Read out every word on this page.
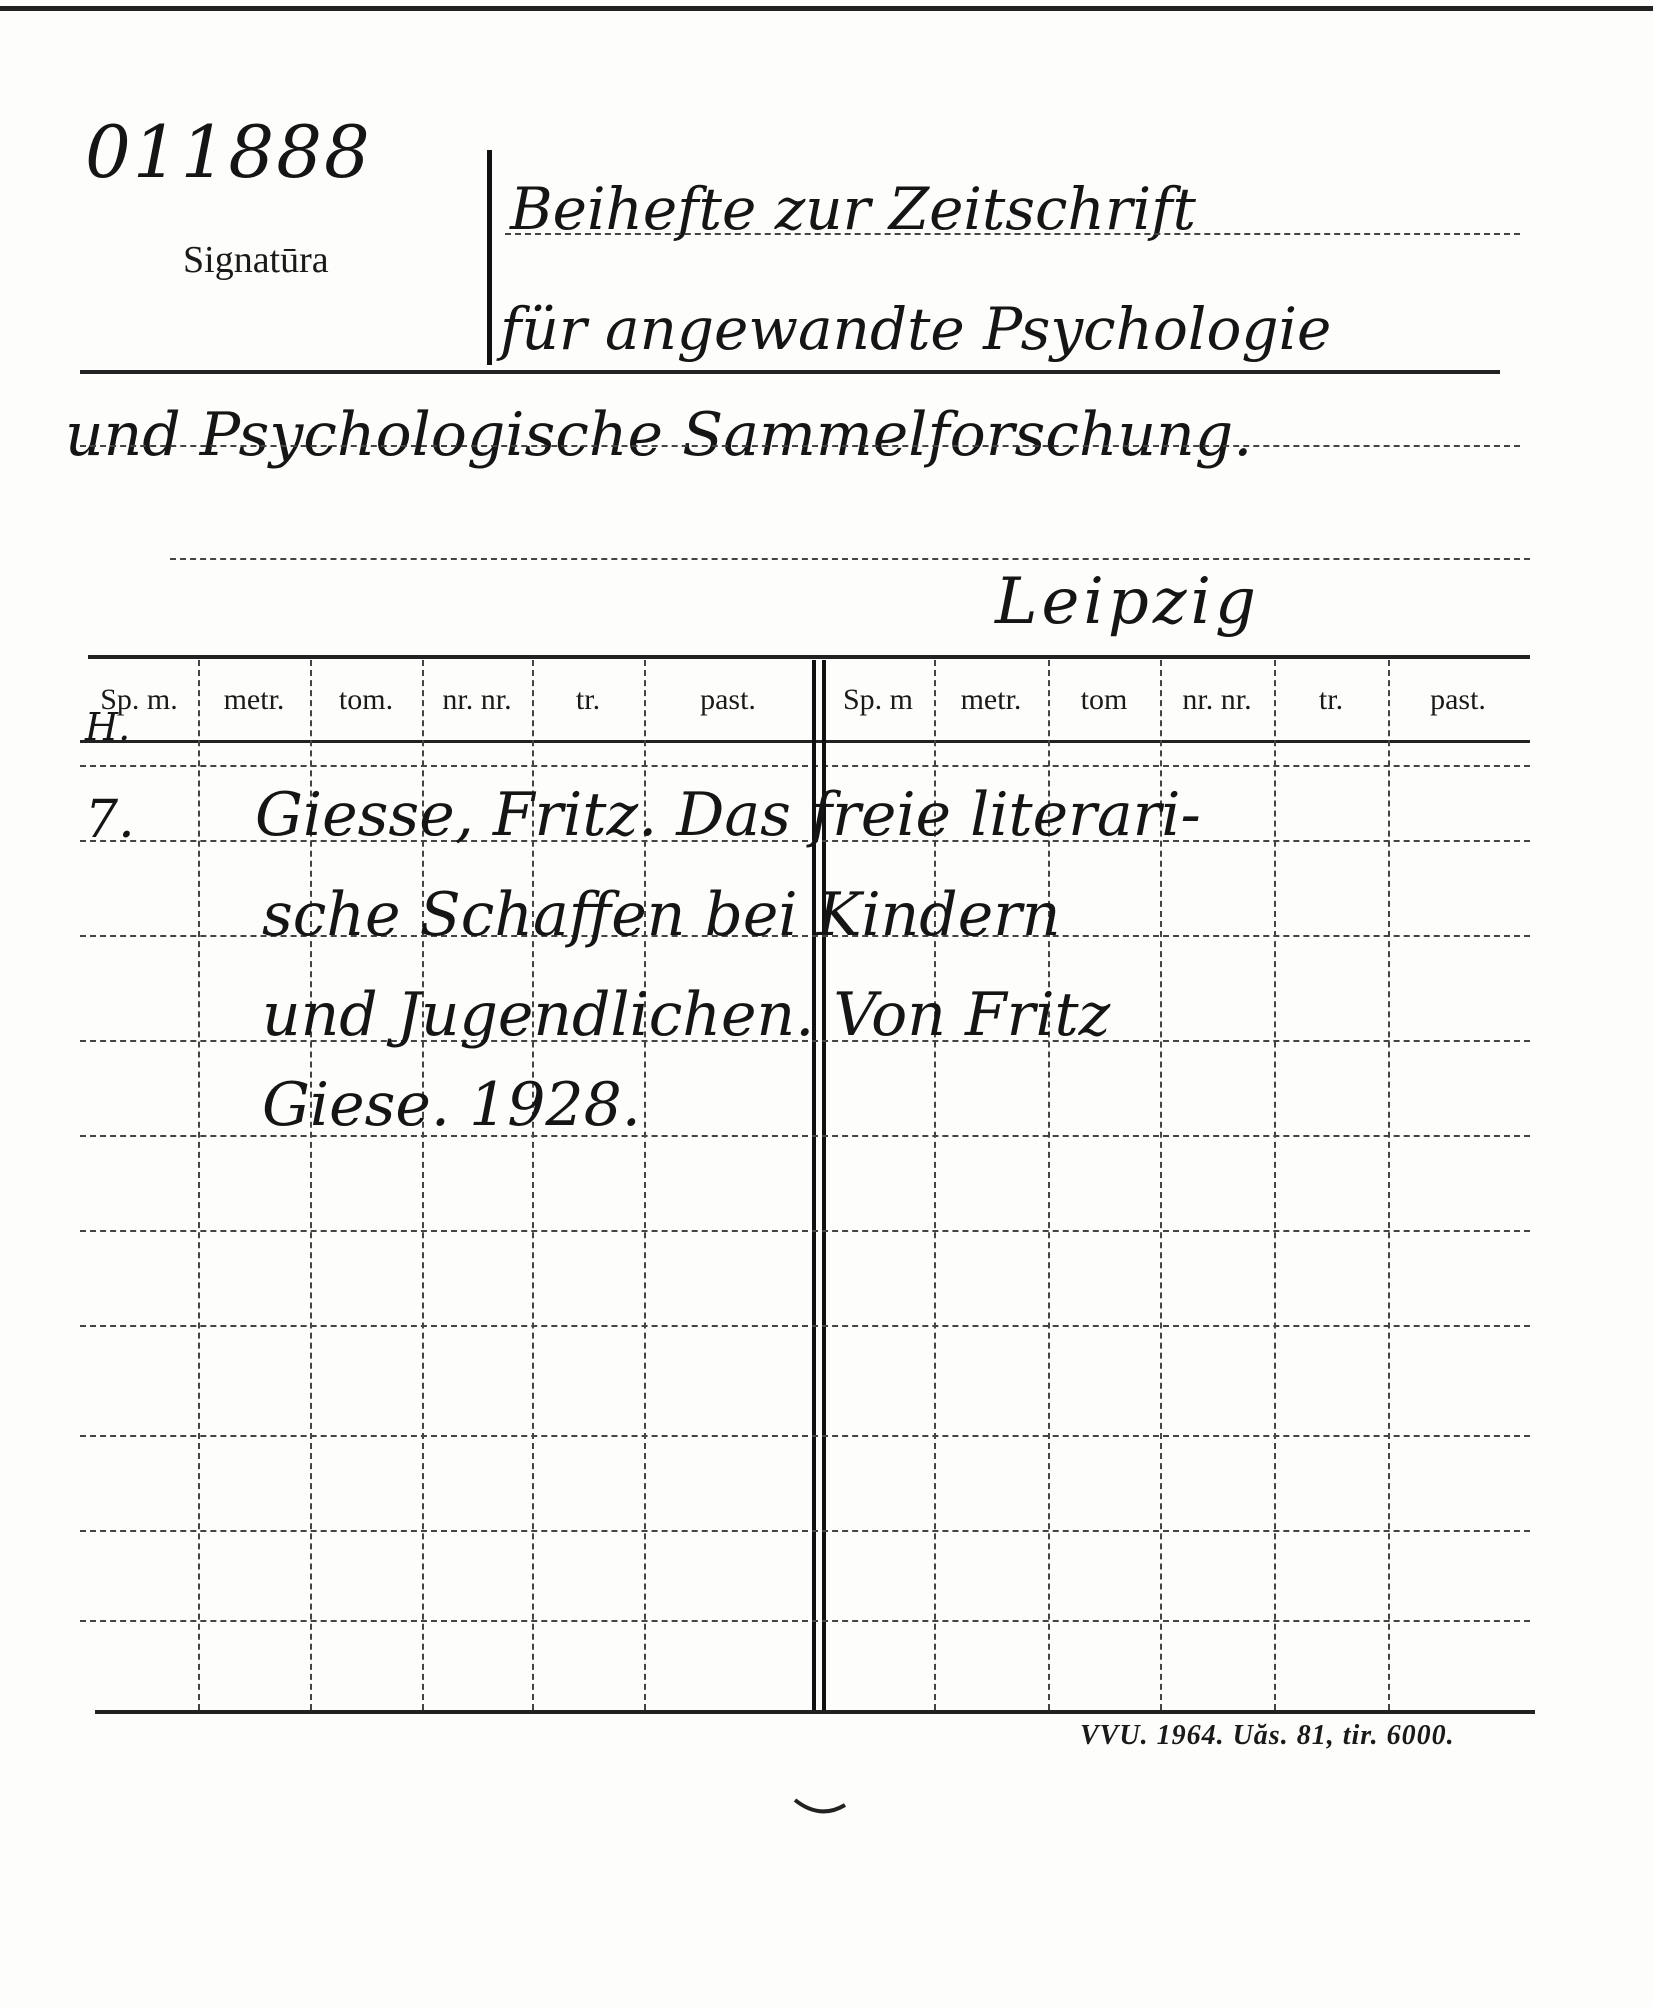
011888
Signatūra
Beihefte zur Zeitschrift
für angewandte Psychologie
und Psychologische Sammelforschung.
Leipzig
Sp. m.	metr.	tom.	nr. nr.	tr.	past.	Sp. m	metr.	tom	nr. nr.	tr.	past.
H.
7. Giesse, Fritz. Das freie literari-
sche Schaffen bei Kindern
und Jugendlichen. Von Fritz
Giese. 1928.
VVU. 1964. Uăs. 81, tir. 6000.
